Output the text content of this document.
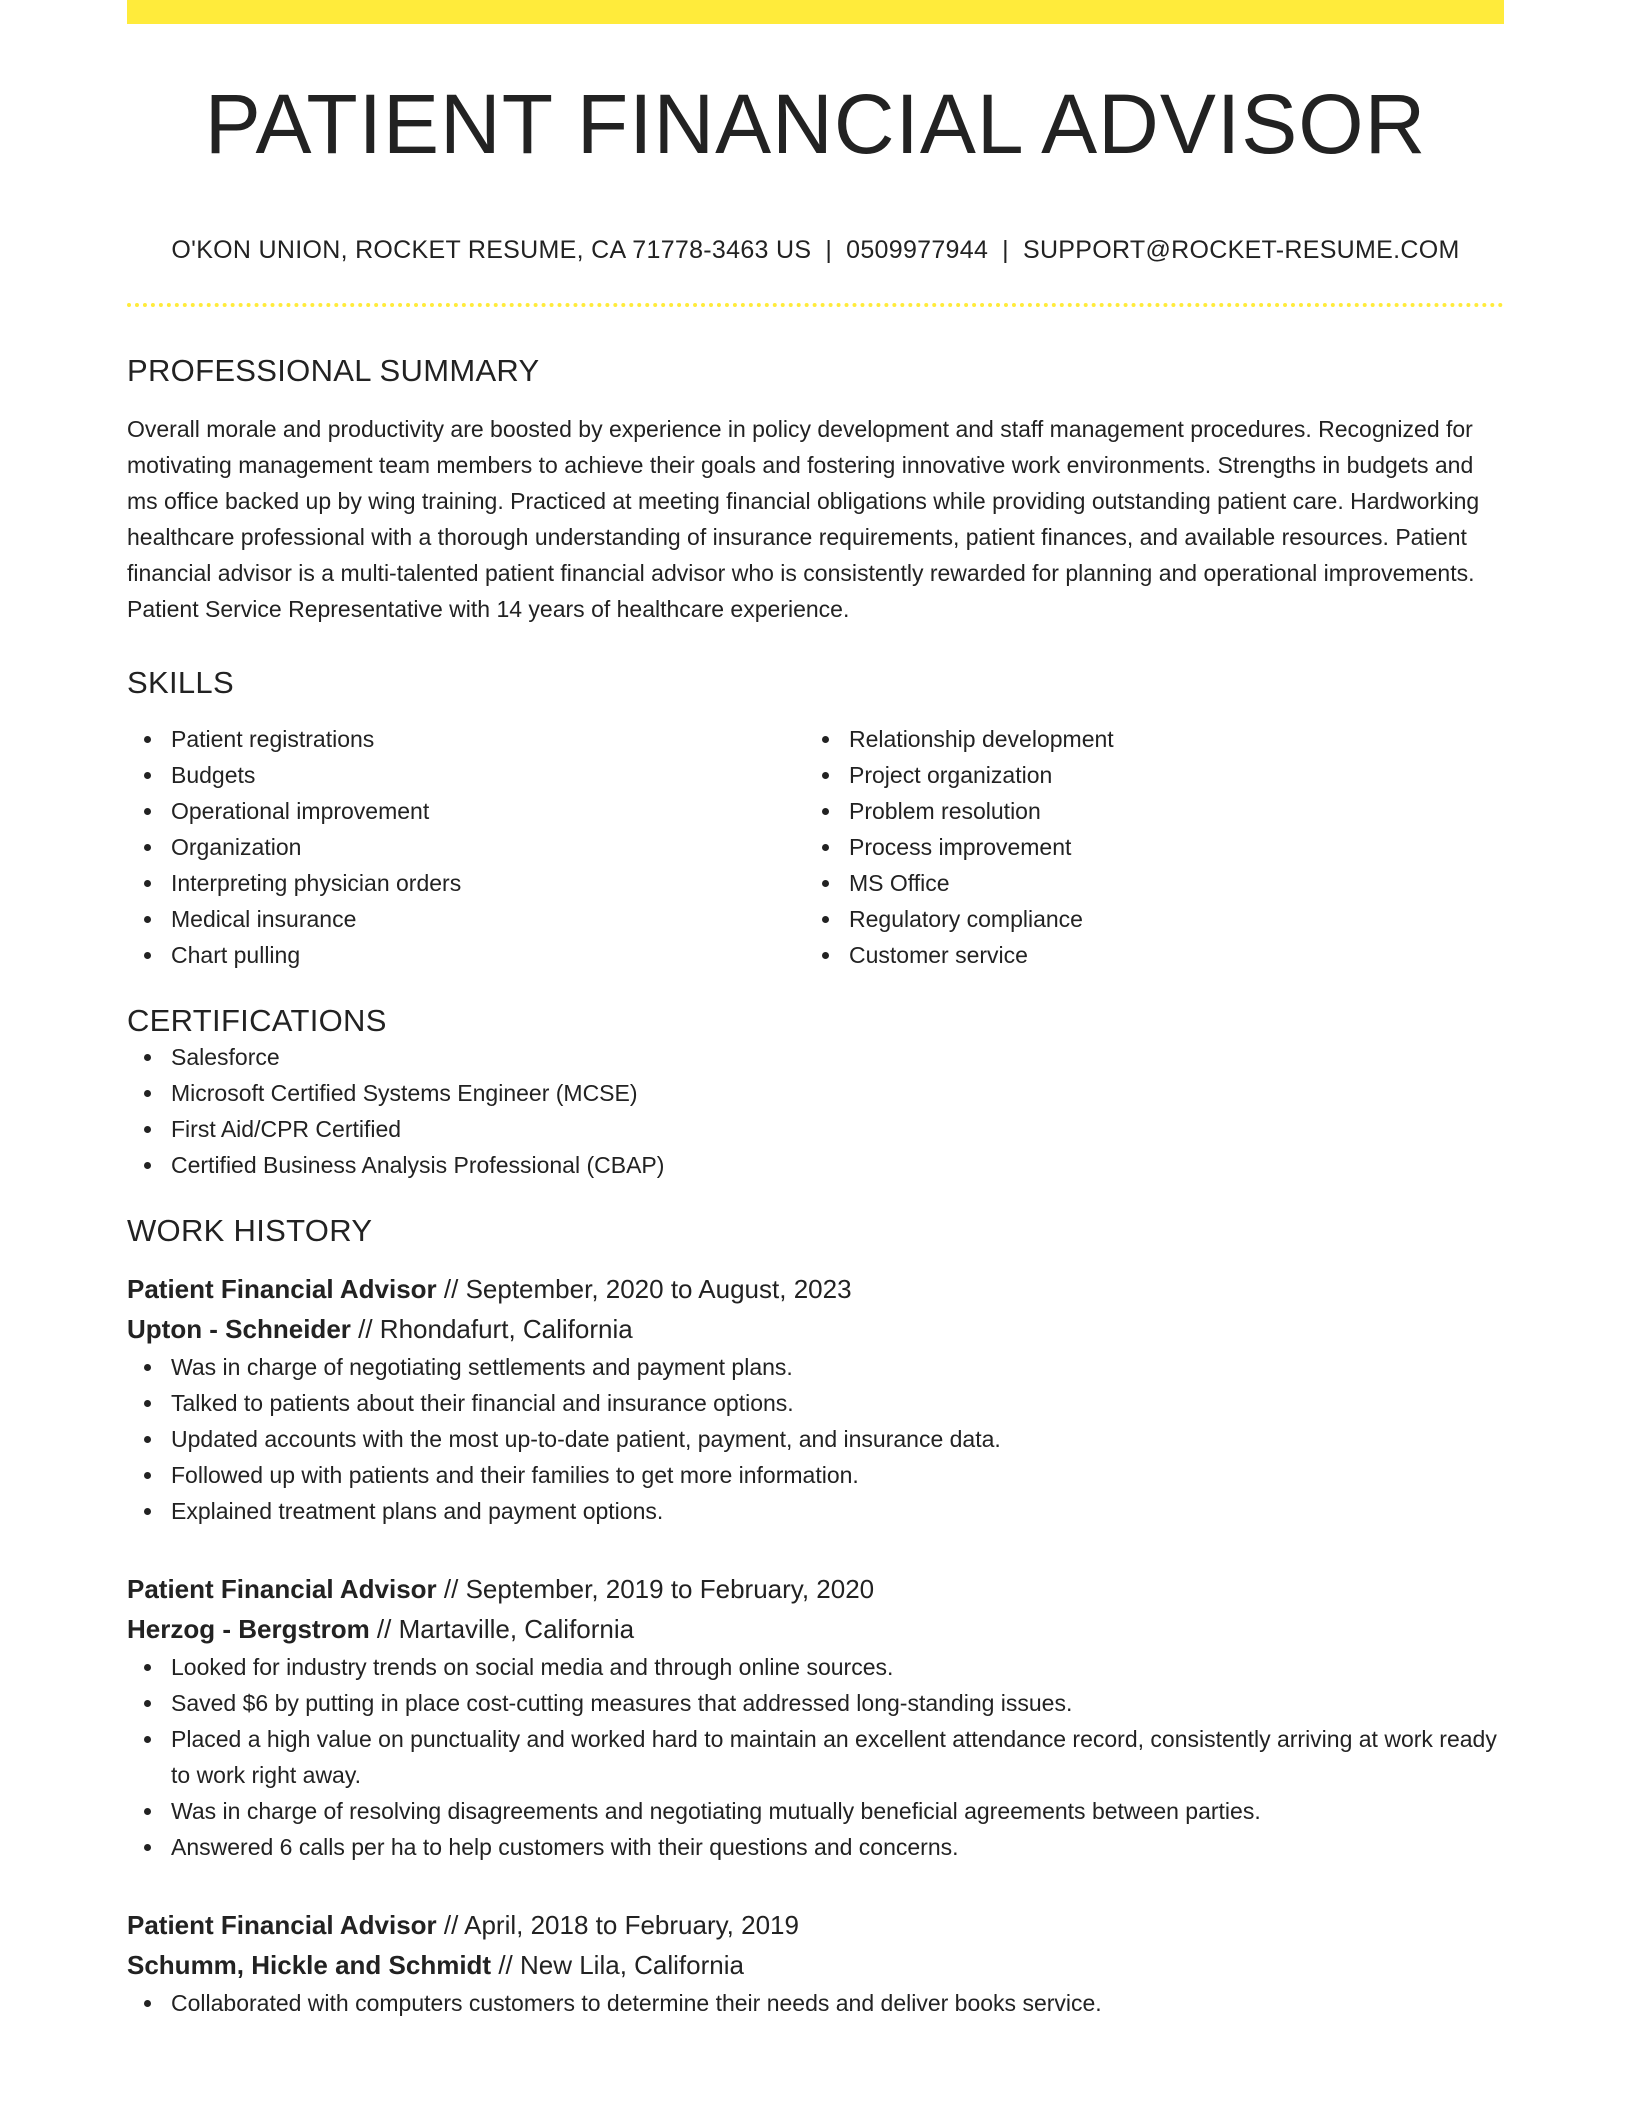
PATIENT FINANCIAL ADVISOR
O'KON UNION, ROCKET RESUME, CA 71778-3463 US | 0509977944 | SUPPORT@ROCKET-RESUME.COM
PROFESSIONAL SUMMARY
Overall morale and productivity are boosted by experience in policy development and staff management procedures. Recognized for motivating management team members to achieve their goals and fostering innovative work environments. Strengths in budgets and ms office backed up by wing training. Practiced at meeting financial obligations while providing outstanding patient care. Hardworking healthcare professional with a thorough understanding of insurance requirements, patient finances, and available resources. Patient financial advisor is a multi-talented patient financial advisor who is consistently rewarded for planning and operational improvements. Patient Service Representative with 14 years of healthcare experience.
SKILLS
Patient registrations
Budgets
Operational improvement
Organization
Interpreting physician orders
Medical insurance
Chart pulling
Relationship development
Project organization
Problem resolution
Process improvement
MS Office
Regulatory compliance
Customer service
CERTIFICATIONS
Salesforce
Microsoft Certified Systems Engineer (MCSE)
First Aid/CPR Certified
Certified Business Analysis Professional (CBAP)
WORK HISTORY
Patient Financial Advisor // September, 2020 to August, 2023
Upton - Schneider // Rhondafurt, California
Was in charge of negotiating settlements and payment plans.
Talked to patients about their financial and insurance options.
Updated accounts with the most up-to-date patient, payment, and insurance data.
Followed up with patients and their families to get more information.
Explained treatment plans and payment options.
Patient Financial Advisor // September, 2019 to February, 2020
Herzog - Bergstrom // Martaville, California
Looked for industry trends on social media and through online sources.
Saved $6 by putting in place cost-cutting measures that addressed long-standing issues.
Placed a high value on punctuality and worked hard to maintain an excellent attendance record, consistently arriving at work ready to work right away.
Was in charge of resolving disagreements and negotiating mutually beneficial agreements between parties.
Answered 6 calls per ha to help customers with their questions and concerns.
Patient Financial Advisor // April, 2018 to February, 2019
Schumm, Hickle and Schmidt // New Lila, California
Collaborated with computers customers to determine their needs and deliver books service.
